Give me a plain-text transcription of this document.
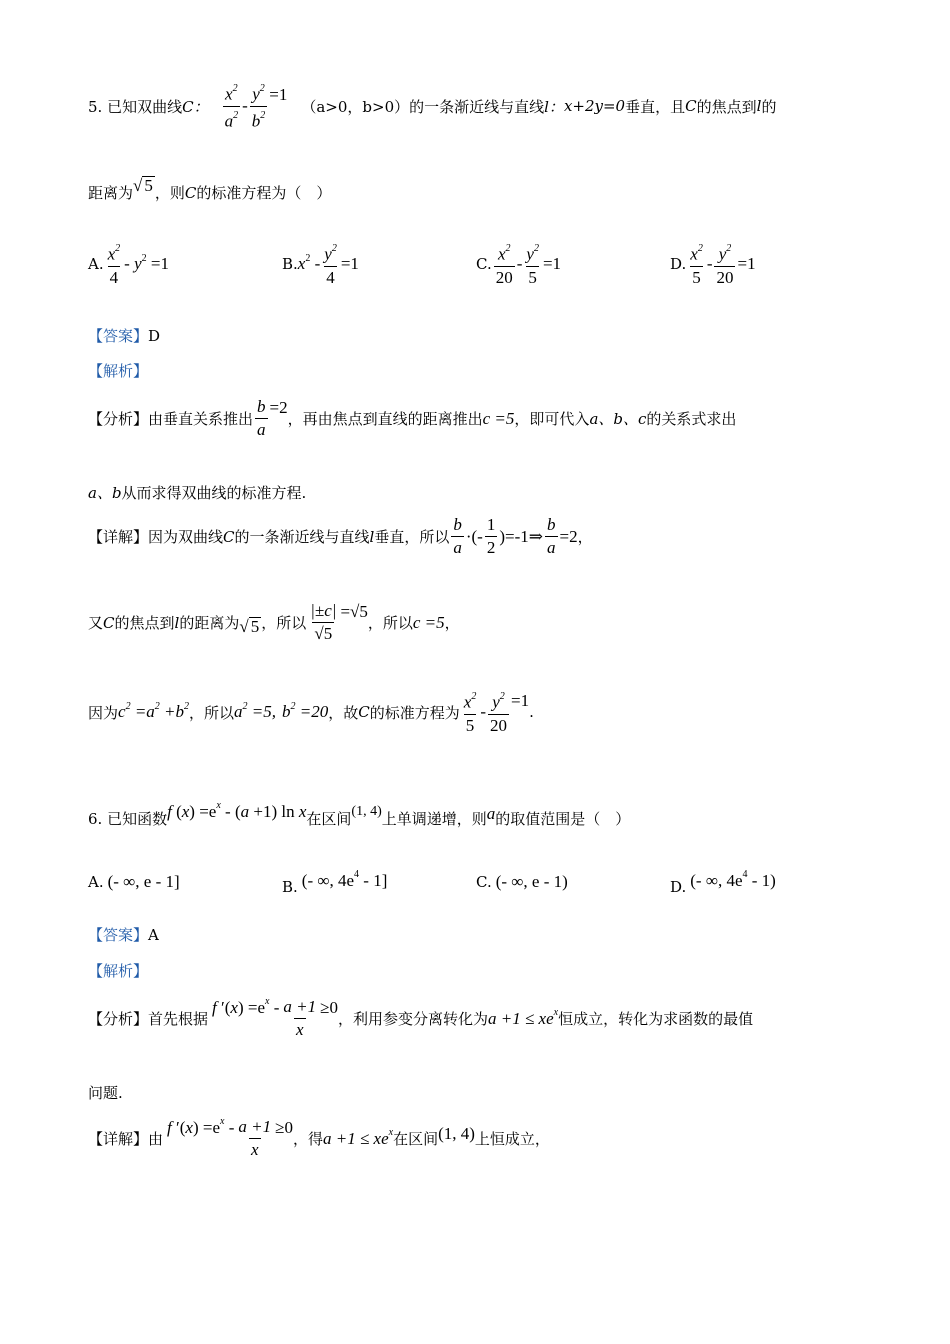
5. 已知双曲线 C： $\frac{x^2}{a^2} - \frac{y^2}{b^2} =1$
（a>0，b>0）的一条渐近线与直线 l： x+2y=0 垂直，且 C 的焦点到 l 的
距离为 √ 5 ，则 C 的标准方程为（　）
A. $\frac{x^2}{4} - y^2 =1$	B. $x^2 - \frac{y^2}{4} =1$	C. $\frac{x^2}{20} - \frac{y^2}{5} =1$	D. $\frac{x^2}{5} - \frac{y^2}{20} =1$
【答案】 D
【解析】
【分析】 由垂直关系推出 $\frac{b}{a} =2$
，再由焦点到直线的距离推出 c =5 ，即可代入 a、b、c 的关系式求出
a、b 从而求得双曲线的标准方程.
【详解】 因为双曲线 C 的一条渐近线与直线 l 垂直，所以 $\frac{b}{a}$ ·(- $\frac{1}{2}$ ) =-1⇒ $\frac{b}{a} =2$ ，
又 C 的焦点到 l 的距离为 √ 5 ，所以 $\frac{|\pm c|}{√5} =√5$
，所以 c =5 ，
因为 $c^2 =a^2 +b^2$ ，所以 $a^2 =5$, $b^2 =20$ ，故 C 的标准方程为 $\frac{x^2}{5} - \frac{y^2}{20} =1$
.
6. 已知函数 f $(x) =e^x - (a +1)$ ln x 在区间 (1, 4) 上单调递增，则 a 的取值范围是（　）
A. (- ∞, e - 1]	B. (- ∞, $4e^4 - 1$]	C. (- ∞, e - 1)	D. (- ∞, $4e^4 - 1$)
【答案】 A
【解析】
【分析】 首先根据
f $'(x) =e^x - \frac{a +1}{x} \ge 0$
，利用参变分离转化为 $a +1 \le xe^x$ 恒成立，转化为求函数的最值
问题.
【详解】 由
f $'(x) =e^x - \frac{a +1}{x} \ge 0$
，得 $a +1 \le xe^x$ 在区间 (1, 4) 上恒成立，
